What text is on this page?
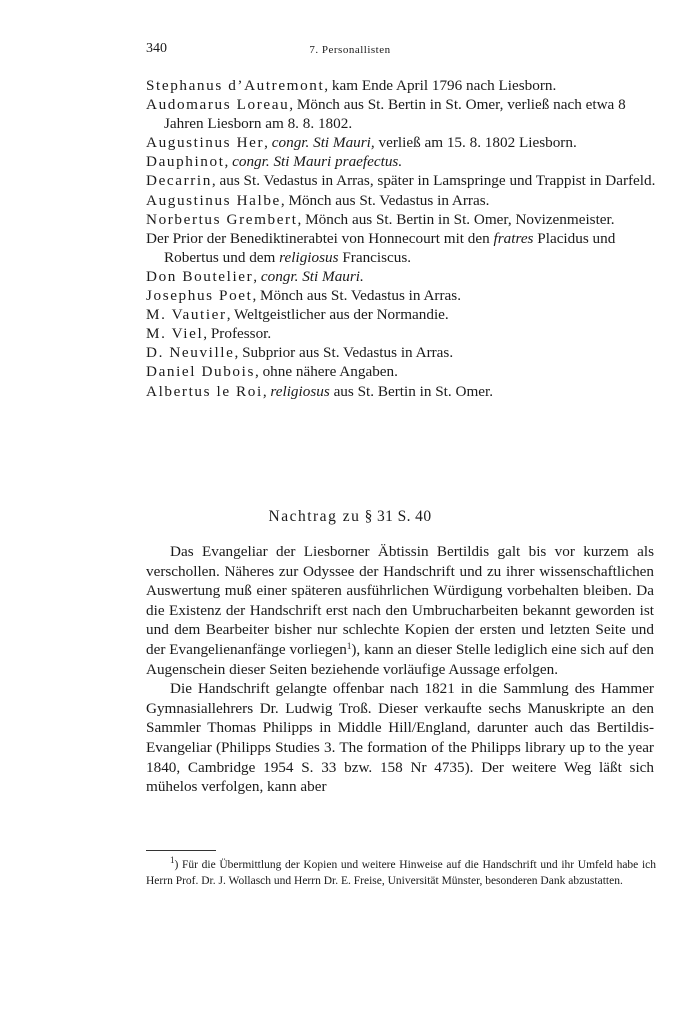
340	7. Personallisten

Stephanus d’Autremont, kam Ende April 1796 nach Liesborn.

Audomarus Loreau, Mönch aus St. Bertin in St. Omer, verließ nach etwa 8 Jahren Liesborn am 8. 8. 1802.

Augustinus Her, congr. Sti Mauri, verließ am 15. 8. 1802 Liesborn.

Dauphinot, congr. Sti Mauri praefectus.

Decarrin, aus St. Vedastus in Arras, später in Lamspringe und Trappist in Darfeld.

Augustinus Halbe, Mönch aus St. Vedastus in Arras.

Norbertus Grembert, Mönch aus St. Bertin in St. Omer, Novizenmeister.

Der Prior der Benediktinerabtei von Honnecourt mit den fratres Placidus und Robertus und dem religiosus Franciscus.

Don Boutelier, congr. Sti Mauri.

Josephus Poet, Mönch aus St. Vedastus in Arras.

M. Vautier, Weltgeistlicher aus der Normandie.

M. Viel, Professor.

D. Neuville, Subprior aus St. Vedastus in Arras.

Daniel Dubois, ohne nähere Angaben.

Albertus le Roi, religiosus aus St. Bertin in St. Omer.

Nachtrag zu § 31 S. 40

Das Evangeliar der Liesborner Äbtissin Bertildis galt bis vor kurzem als verschollen. Näheres zur Odyssee der Handschrift und zu ihrer wissenschaftlichen Auswertung muß einer späteren ausführlichen Würdigung vorbehalten bleiben. Da die Existenz der Handschrift erst nach den Umbrucharbeiten bekannt geworden ist und dem Bearbeiter bisher nur schlechte Kopien der ersten und letzten Seite und der Evangelienanfänge vorliegen$^1$), kann an dieser Stelle lediglich eine sich auf den Augenschein dieser Seiten beziehende vorläufige Aussage erfolgen.

Die Handschrift gelangte offenbar nach 1821 in die Sammlung des Hammer Gymnasiallehrers Dr. Ludwig Troß. Dieser verkaufte sechs Manuskripte an den Sammler Thomas Philipps in Middle Hill/England, darunter auch das Bertildis-Evangeliar (Philipps Studies 3. The formation of the Philipps library up to the year 1840, Cambridge 1954 S. 33 bzw. 158 Nr 4735). Der weitere Weg läßt sich mühelos verfolgen, kann aber

$^1$) Für die Übermittlung der Kopien und weitere Hinweise auf die Handschrift und ihr Umfeld habe ich Herrn Prof. Dr. J. Wollasch und Herrn Dr. E. Freise, Universität Münster, besonderen Dank abzustatten.
